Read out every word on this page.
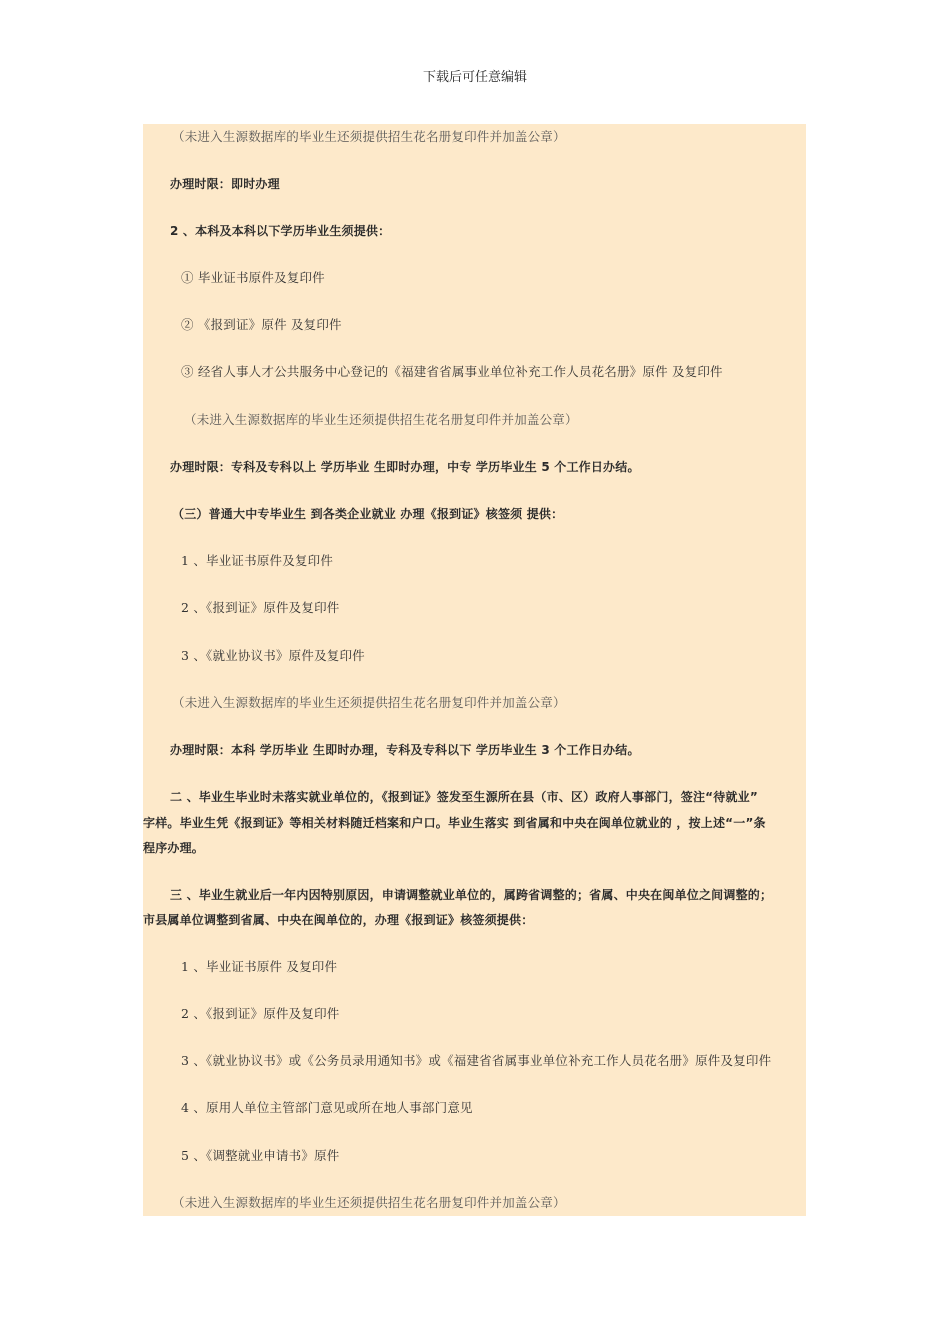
下载后可任意编辑
（未进入生源数据库的毕业生还须提供招生花名册复印件并加盖公章）
办理时限：即时办理
2 、本科及本科以下学历毕业生须提供：
① 毕业证书原件及复印件
② 《报到证》原件 及复印件
③ 经省人事人才公共服务中心登记的《福建省省属事业单位补充工作人员花名册》原件 及复印件
（未进入生源数据库的毕业生还须提供招生花名册复印件并加盖公章）
办理时限：专科及专科以上 学历毕业 生即时办理，中专 学历毕业生 5 个工作日办结。
（三）普通大中专毕业生 到各类企业就业 办理《报到证》核签须 提供：
1 、毕业证书原件及复印件
2 、《报到证》原件及复印件
3 、《就业协议书》原件及复印件
（未进入生源数据库的毕业生还须提供招生花名册复印件并加盖公章）
办理时限：本科 学历毕业 生即时办理，专科及专科以下 学历毕业生 3 个工作日办结。
二 、毕业生毕业时未落实就业单位的，《报到证》签发至生源所在县（市、区）政府人事部门，签注“待就业”
字样。毕业生凭《报到证》等相关材料随迁档案和户口。毕业生落实 到省属和中央在闽单位就业的 ，按上述“一”条
程序办理。
三 、毕业生就业后一年内因特别原因，申请调整就业单位的，属跨省调整的；省属、中央在闽单位之间调整的；
市县属单位调整到省属、中央在闽单位的，办理《报到证》核签须提供：
1 、毕业证书原件 及复印件
2 、《报到证》原件及复印件
3 、《就业协议书》或《公务员录用通知书》或《福建省省属事业单位补充工作人员花名册》原件及复印件
4 、原用人单位主管部门意见或所在地人事部门意见
5 、《调整就业申请书》原件
（未进入生源数据库的毕业生还须提供招生花名册复印件并加盖公章）
